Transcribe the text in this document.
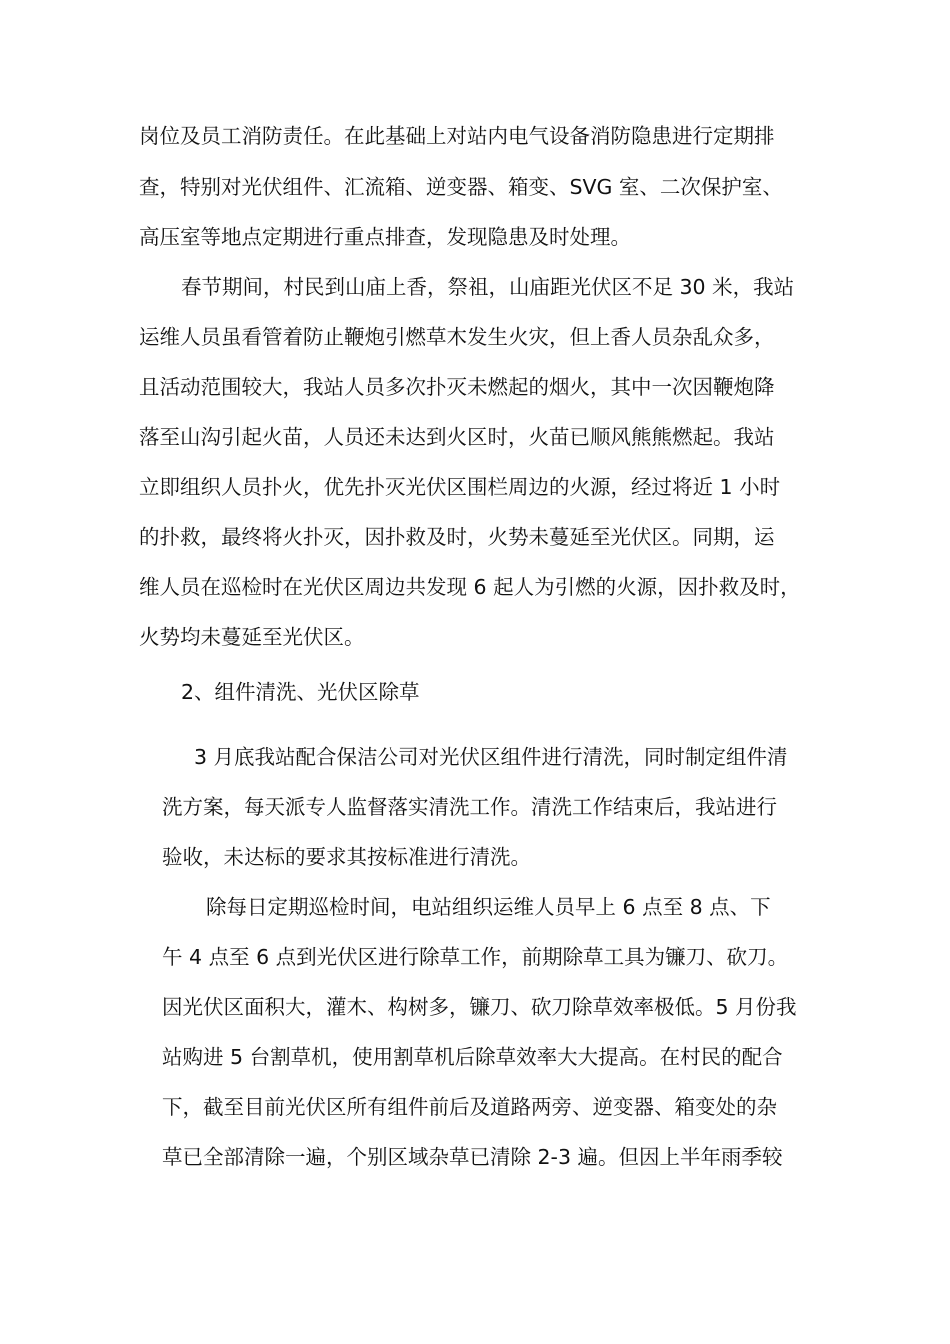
岗位及员工消防责任。在此基础上对站内电气设备消防隐患进行定期排
查，特别对光伏组件、汇流箱、逆变器、箱变、SVG 室、二次保护室、
高压室等地点定期进行重点排查，发现隐患及时处理。
春节期间，村民到山庙上香，祭祖，山庙距光伏区不足 30 米，我站
运维人员虽看管着防止鞭炮引燃草木发生火灾，但上香人员杂乱众多，
且活动范围较大，我站人员多次扑灭未燃起的烟火，其中一次因鞭炮降
落至山沟引起火苗，人员还未达到火区时，火苗已顺风熊熊燃起。我站
立即组织人员扑火，优先扑灭光伏区围栏周边的火源，经过将近 1 小时
的扑救，最终将火扑灭，因扑救及时，火势未蔓延至光伏区。同期，运
维人员在巡检时在光伏区周边共发现 6 起人为引燃的火源，因扑救及时，
火势均未蔓延至光伏区。
2、组件清洗、光伏区除草
3 月底我站配合保洁公司对光伏区组件进行清洗，同时制定组件清
洗方案，每天派专人监督落实清洗工作。清洗工作结束后，我站进行
验收，未达标的要求其按标准进行清洗。
除每日定期巡检时间，电站组织运维人员早上 6 点至 8 点、下
午 4 点至 6 点到光伏区进行除草工作，前期除草工具为镰刀、砍刀。
因光伏区面积大，灌木、构树多，镰刀、砍刀除草效率极低。5 月份我
站购进 5 台割草机，使用割草机后除草效率大大提高。在村民的配合
下，截至目前光伏区所有组件前后及道路两旁、逆变器、箱变处的杂
草已全部清除一遍，个别区域杂草已清除 2-3 遍。但因上半年雨季较
